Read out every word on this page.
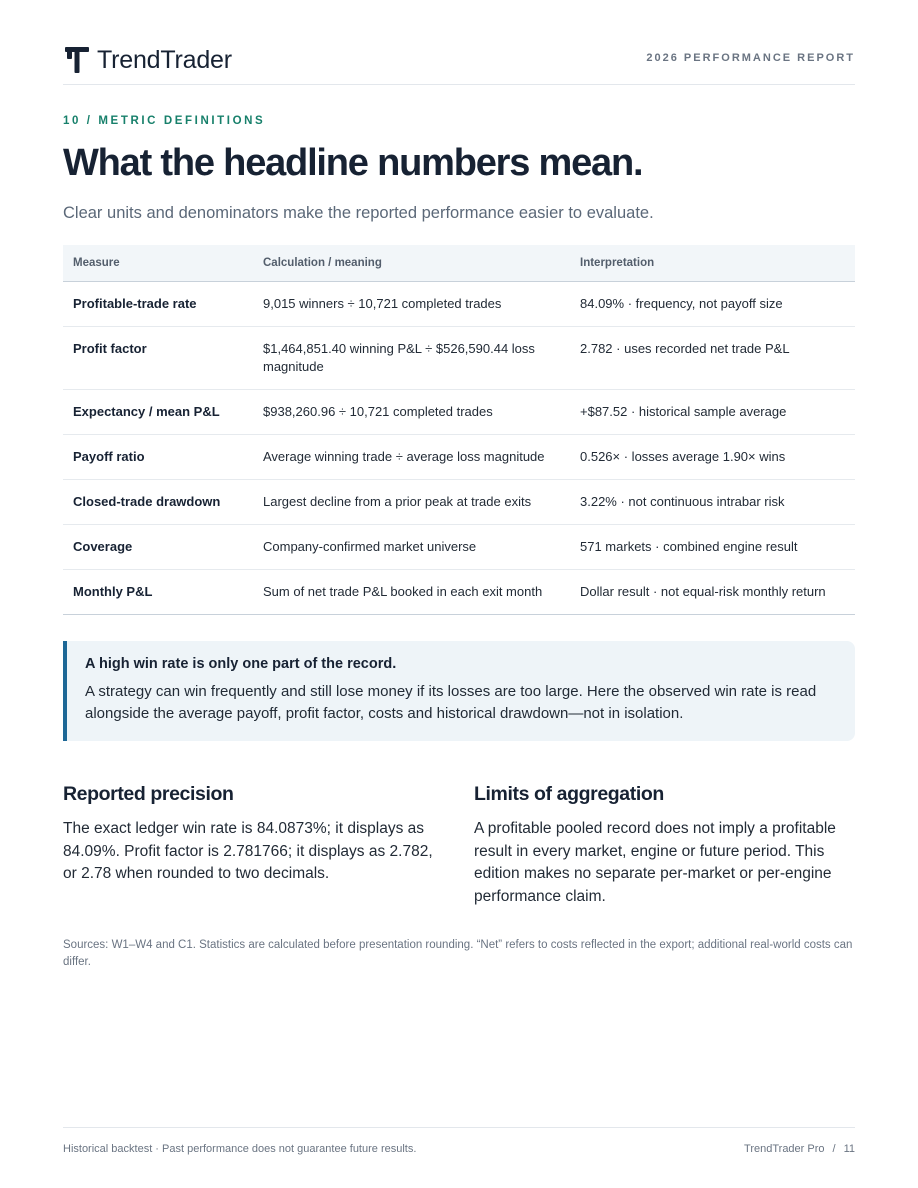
TrendTrader	2026 PERFORMANCE REPORT
10 / METRIC DEFINITIONS
What the headline numbers mean.
Clear units and denominators make the reported performance easier to evaluate.
Measure	Calculation / meaning	Interpretation
Profitable-trade rate	9,015 winners ÷ 10,721 completed trades	84.09% · frequency, not payoff size
Profit factor	$1,464,851.40 winning P&L ÷ $526,590.44 loss magnitude	2.782 · uses recorded net trade P&L
Expectancy / mean P&L	$938,260.96 ÷ 10,721 completed trades	+$87.52 · historical sample average
Payoff ratio	Average winning trade ÷ average loss magnitude	0.526× · losses average 1.90× wins
Closed-trade drawdown	Largest decline from a prior peak at trade exits	3.22% · not continuous intrabar risk
Coverage	Company-confirmed market universe	571 markets · combined engine result
Monthly P&L	Sum of net trade P&L booked in each exit month	Dollar result · not equal-risk monthly return
A high win rate is only one part of the record.
A strategy can win frequently and still lose money if its losses are too large. Here the observed win rate is read alongside the average payoff, profit factor, costs and historical drawdown—not in isolation.
Reported precision

The exact ledger win rate is 84.0873%; it displays as 84.09%. Profit factor is 2.781766; it displays as 2.782, or 2.78 when rounded to two decimals.

Limits of aggregation

A profitable pooled record does not imply a profitable result in every market, engine or future period. This edition makes no separate per-market or per-engine performance claim.

Sources: W1–W4 and C1. Statistics are calculated before presentation rounding. “Net” refers to costs reflected in the export; additional real-world costs can differ.
Historical backtest · Past performance does not guarantee future results.	TrendTrader Pro / 11
